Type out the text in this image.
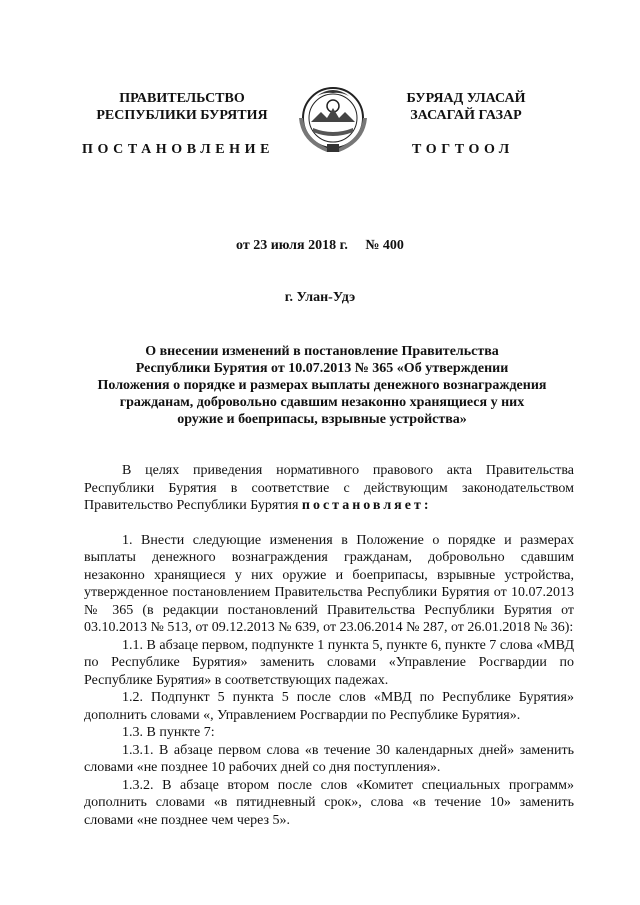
ПРАВИТЕЛЬСТВО
РЕСПУБЛИКИ БУРЯТИЯ
БУРЯАД УЛАСАЙ
ЗАСАГАЙ ГАЗАР
ПОСТАНОВЛЕНИЕ	ТОГТООЛ
от 23 июля 2018 г.     № 400
г. Улан-Удэ
О внесении изменений в постановление Правительства
Республики Бурятия от 10.07.2013 № 365 «Об утверждении
Положения о порядке и размерах выплаты денежного вознаграждения
гражданам, добровольно сдавшим незаконно хранящиеся у них
оружие и боеприпасы, взрывные устройства»

В целях приведения нормативного правового акта Правительства Республики Бурятия в соответствие с действующим законодательством Правительство Республики Бурятия постановляет:

1. Внести следующие изменения в Положение о порядке и размерах выплаты денежного вознаграждения гражданам, добровольно сдавшим незаконно хранящиеся у них оружие и боеприпасы, взрывные устройства, утвержденное постановлением Правительства Республики Бурятия от 10.07.2013 № 365 (в редакции постановлений Правительства Республики Бурятия от 03.10.2013 № 513, от 09.12.2013 № 639, от 23.06.2014 № 287, от 26.01.2018 № 36):

1.1. В абзаце первом, подпункте 1 пункта 5, пункте 6, пункте 7 слова «МВД по Республике Бурятия» заменить словами «Управление Росгвардии по Республике Бурятия» в соответствующих падежах.

1.2. Подпункт 5 пункта 5 после слов «МВД по Республике Бурятия» дополнить словами «, Управлением Росгвардии по Республике Бурятия».

1.3. В пункте 7:

1.3.1. В абзаце первом слова «в течение 30 календарных дней» заменить словами «не позднее 10 рабочих дней со дня поступления».

1.3.2. В абзаце втором после слов «Комитет специальных программ» дополнить словами «в пятидневный срок», слова «в течение 10» заменить словами «не позднее чем через 5».
